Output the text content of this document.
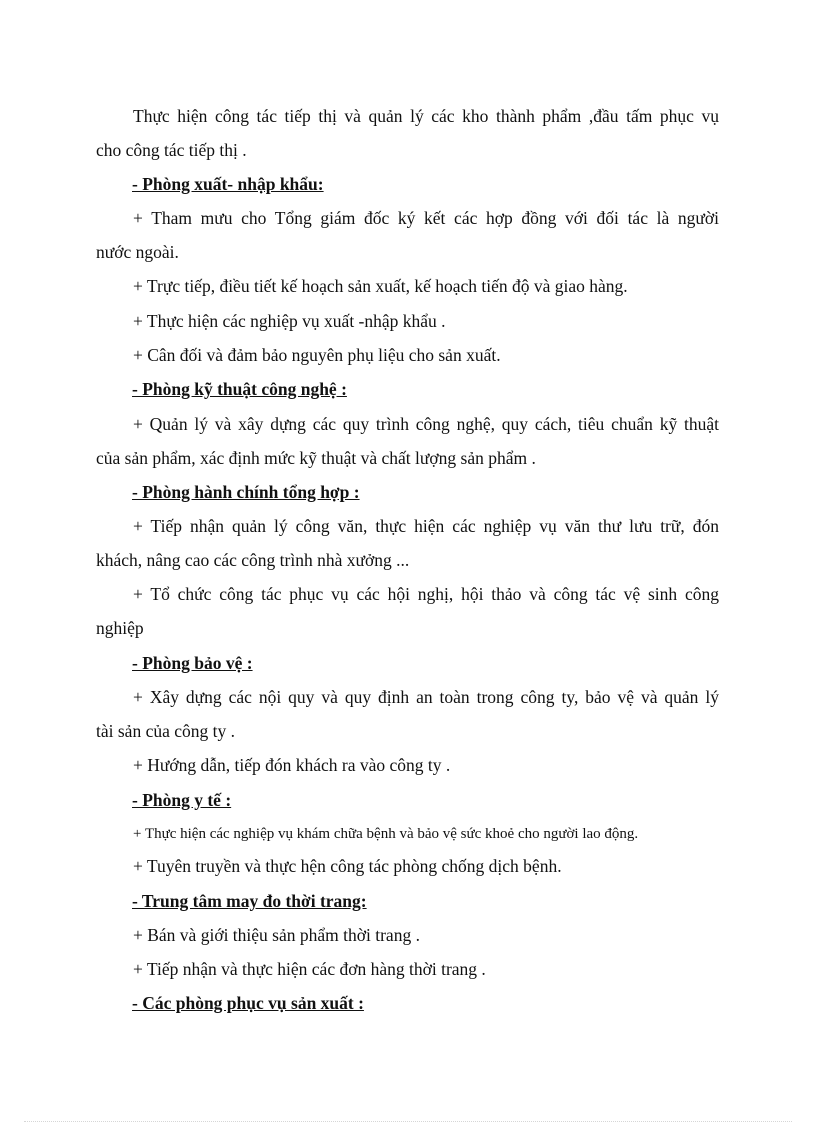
Thực hiện công tác tiếp thị và quản lý các kho thành phẩm ,đầu tấm phục vụ
cho công tác tiếp thị .
- Phòng xuất- nhập khẩu:
+ Tham mưu cho Tổng giám đốc ký kết các hợp đồng với đối tác là người
nước ngoài.
+ Trực tiếp, điều tiết kế hoạch sản xuất, kế hoạch tiến độ và giao hàng.
+ Thực hiện các nghiệp vụ xuất -nhập khẩu .
+ Cân đối và đảm bảo nguyên phụ liệu cho sản xuất.
- Phòng kỹ thuật công nghệ :
+ Quản lý và xây dựng các quy trình công nghệ, quy cách, tiêu chuẩn kỹ thuật
của sản phẩm, xác định mức kỹ thuật và chất lượng sản phẩm .
- Phòng hành chính tổng hợp :
+ Tiếp nhận quản lý công văn, thực hiện các nghiệp vụ văn thư lưu trữ, đón
khách, nâng cao các công trình nhà xưởng ...
+ Tổ chức công tác phục vụ các hội nghị, hội thảo và công tác vệ sinh công
nghiệp
- Phòng bảo vệ :
+ Xây dựng các nội quy và quy định an toàn trong công ty, bảo vệ và quản lý
tài sản của công ty .
+ Hướng dẫn, tiếp đón khách ra vào công ty .
- Phòng y tế :
+ Thực hiện các nghiệp vụ khám chữa bệnh và bảo vệ sức khoẻ cho người lao động.
+ Tuyên truyền và thực hện công tác phòng chống dịch bệnh.
- Trung tâm may đo thời trang:
+ Bán và giới thiệu sản phẩm thời trang .
+ Tiếp nhận và thực hiện các đơn hàng thời trang .
- Các phòng phục vụ sản xuất :
